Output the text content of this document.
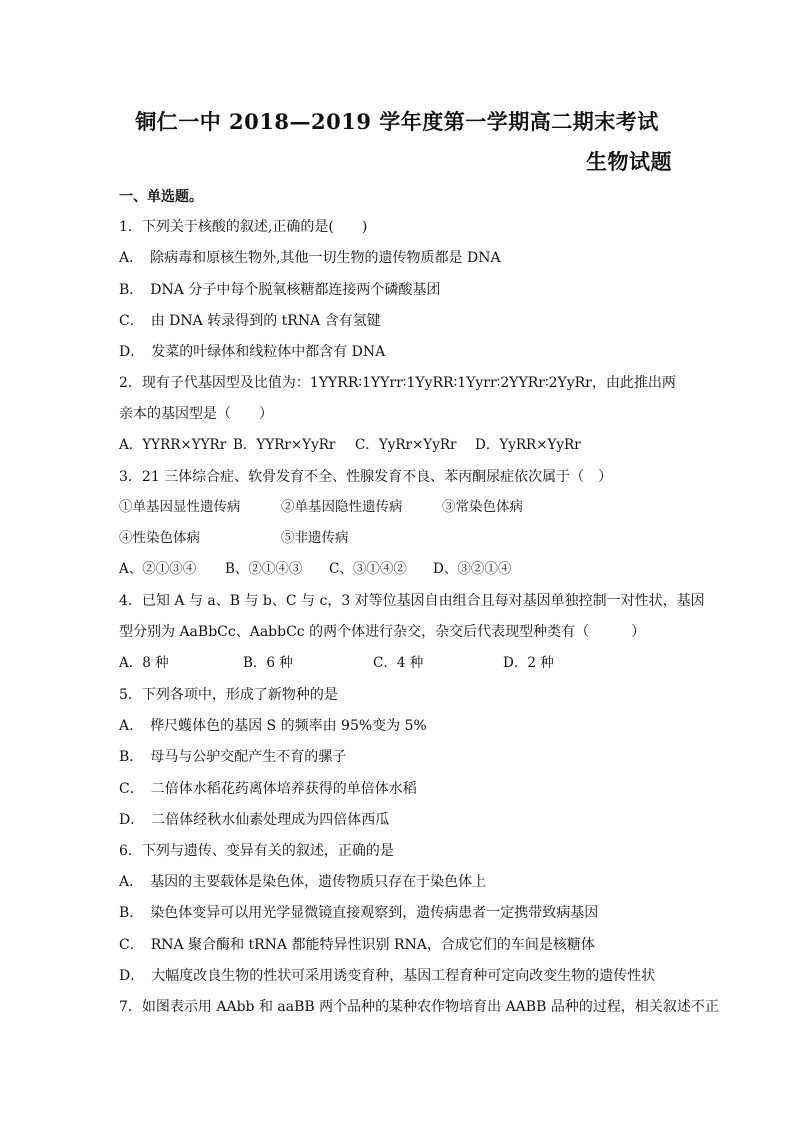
铜仁一中 2018—2019 学年度第一学期高二期末考试
生物试题
一、单选题。
1．下列关于核酸的叙述,正确的是(　　)
A．　除病毒和原核生物外,其他一切生物的遗传物质都是 DNA
B．　DNA 分子中每个脱氧核糖都连接两个磷酸基团
C．　由 DNA 转录得到的 tRNA 含有氢键
D．　发菜的叶绿体和线粒体中都含有 DNA
2．现有子代基因型及比值为：1YYRR∶1YYrr∶1YyRR∶1Yyrr∶2YYRr∶2YyRr，由此推出两
亲本的基因型是（　　）
A．YYRR×YYRr B．YYRr×YyRr C．YyRr×YyRr D．YyRR×YyRr
3．21 三体综合症、软骨发育不全、性腺发育不良、苯丙酮尿症依次属于（　）
①单基因显性遗传病	②单基因隐性遗传病	③常染色体病
④性染色体病	⑤非遗传病
A、②①③④ B、②①④③ C、③①④② D、③②①④
4．已知 A 与 a、B 与 b、C 与 c，3 对等位基因自由组合且每对基因单独控制一对性状，基因
型分别为 AaBbCc、AabbCc 的两个体进行杂交，杂交后代表现型种类有（　　　）
A．8 种	B．6 种	C．4 种	D．2 种
5．下列各项中，形成了新物种的是
A．　桦尺蠖体色的基因 S 的频率由 95%变为 5%
B．　母马与公驴交配产生不育的骡子
C．　二倍体水稻花药离体培养获得的单倍体水稻
D．　二倍体经秋水仙素处理成为四倍体西瓜
6．下列与遗传、变异有关的叙述，正确的是
A．　基因的主要载体是染色体，遗传物质只存在于染色体上
B．　染色体变异可以用光学显微镜直接观察到，遗传病患者一定携带致病基因
C．　RNA 聚合酶和 tRNA 都能特异性识别 RNA，合成它们的车间是核糖体
D．　大幅度改良生物的性状可采用诱变育种，基因工程育种可定向改变生物的遗传性状
7．如图表示用 AAbb 和 aaBB 两个品种的某种农作物培育出 AABB 品种的过程，相关叙述不正
